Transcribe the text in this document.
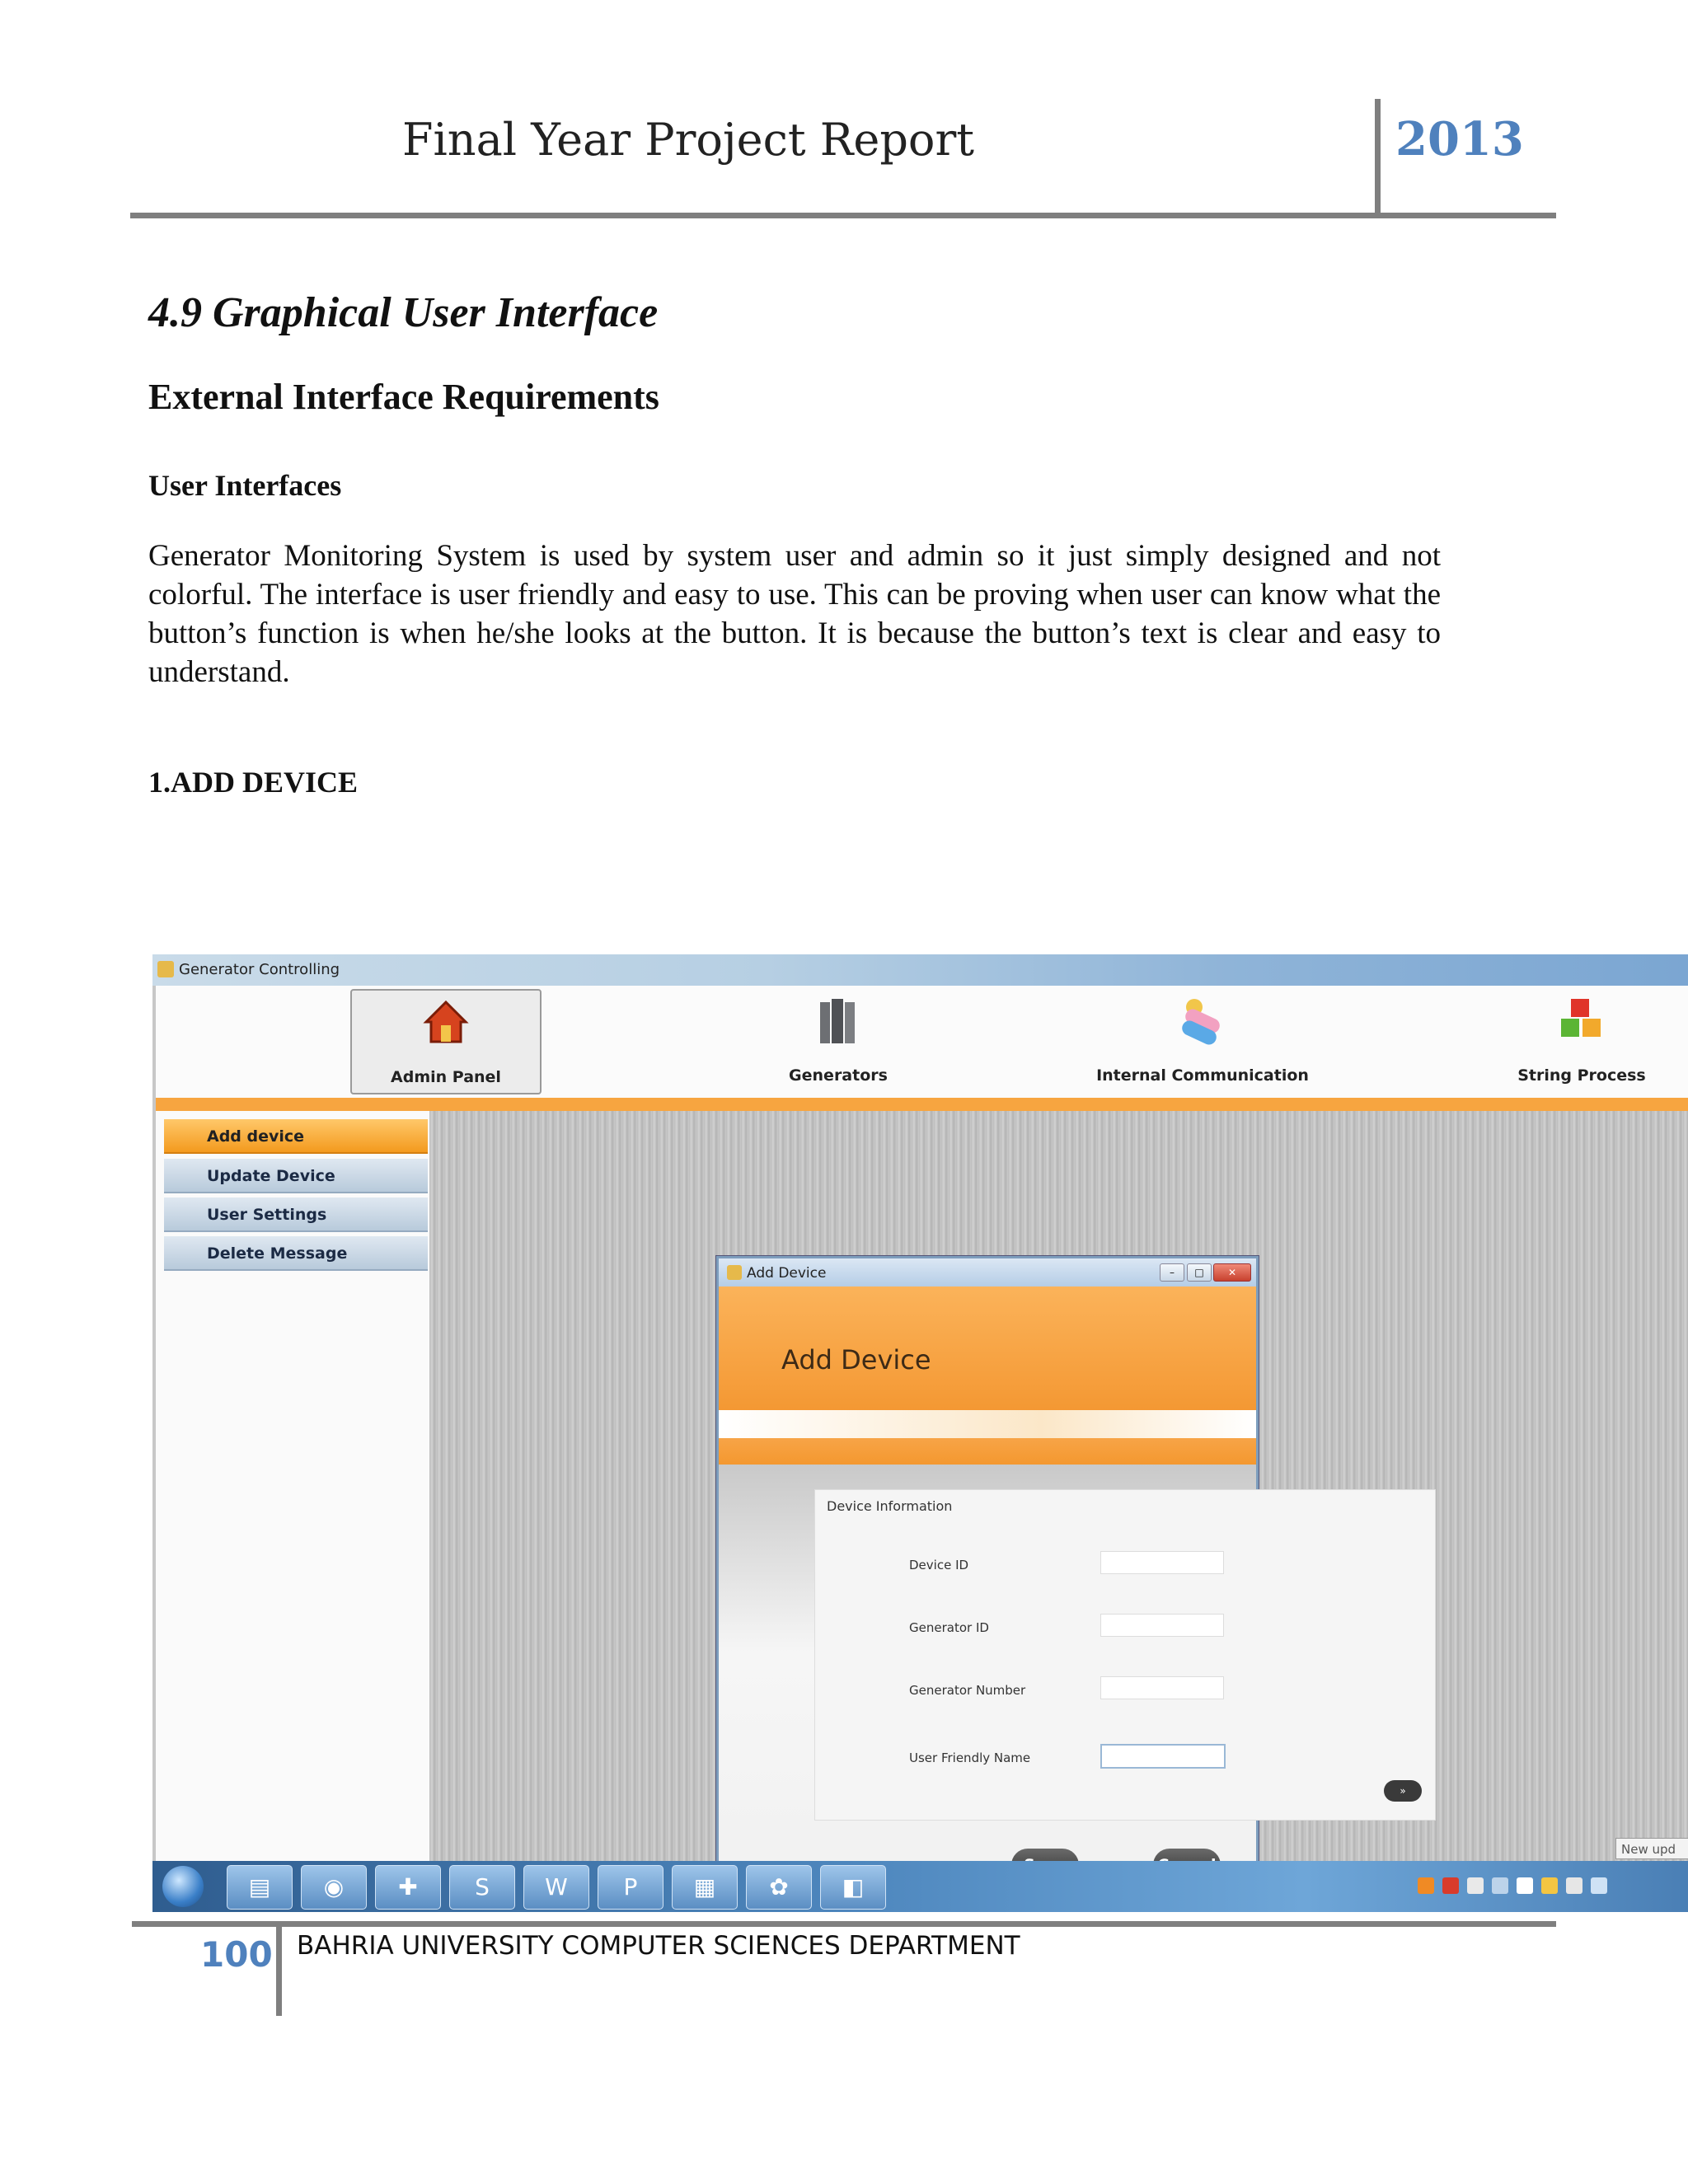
Final Year Project Report	2013
4.9 Graphical User Interface
External Interface Requirements
User Interfaces
Generator Monitoring System is used by system user and admin so it just simply designed and not colorful. The interface is user friendly and easy to use. This can be proving when user can know what the button’s function is when he/she looks at the button. It is because the button’s text is clear and easy to understand.
1.ADD DEVICE
Generator Controlling
Admin Panel	Generators	Internal Communication	String Process
Add device
Update Device
User Settings
Delete Message
Add Device	–	□	✕
Add Device
Device Information
Device ID
Generator ID
Generator Number
User Friendly Name
»
New upd
▤	◉	✚	S	W	P	▦	✿	◧
100 BAHRIA UNIVERSITY COMPUTER SCIENCES DEPARTMENT
